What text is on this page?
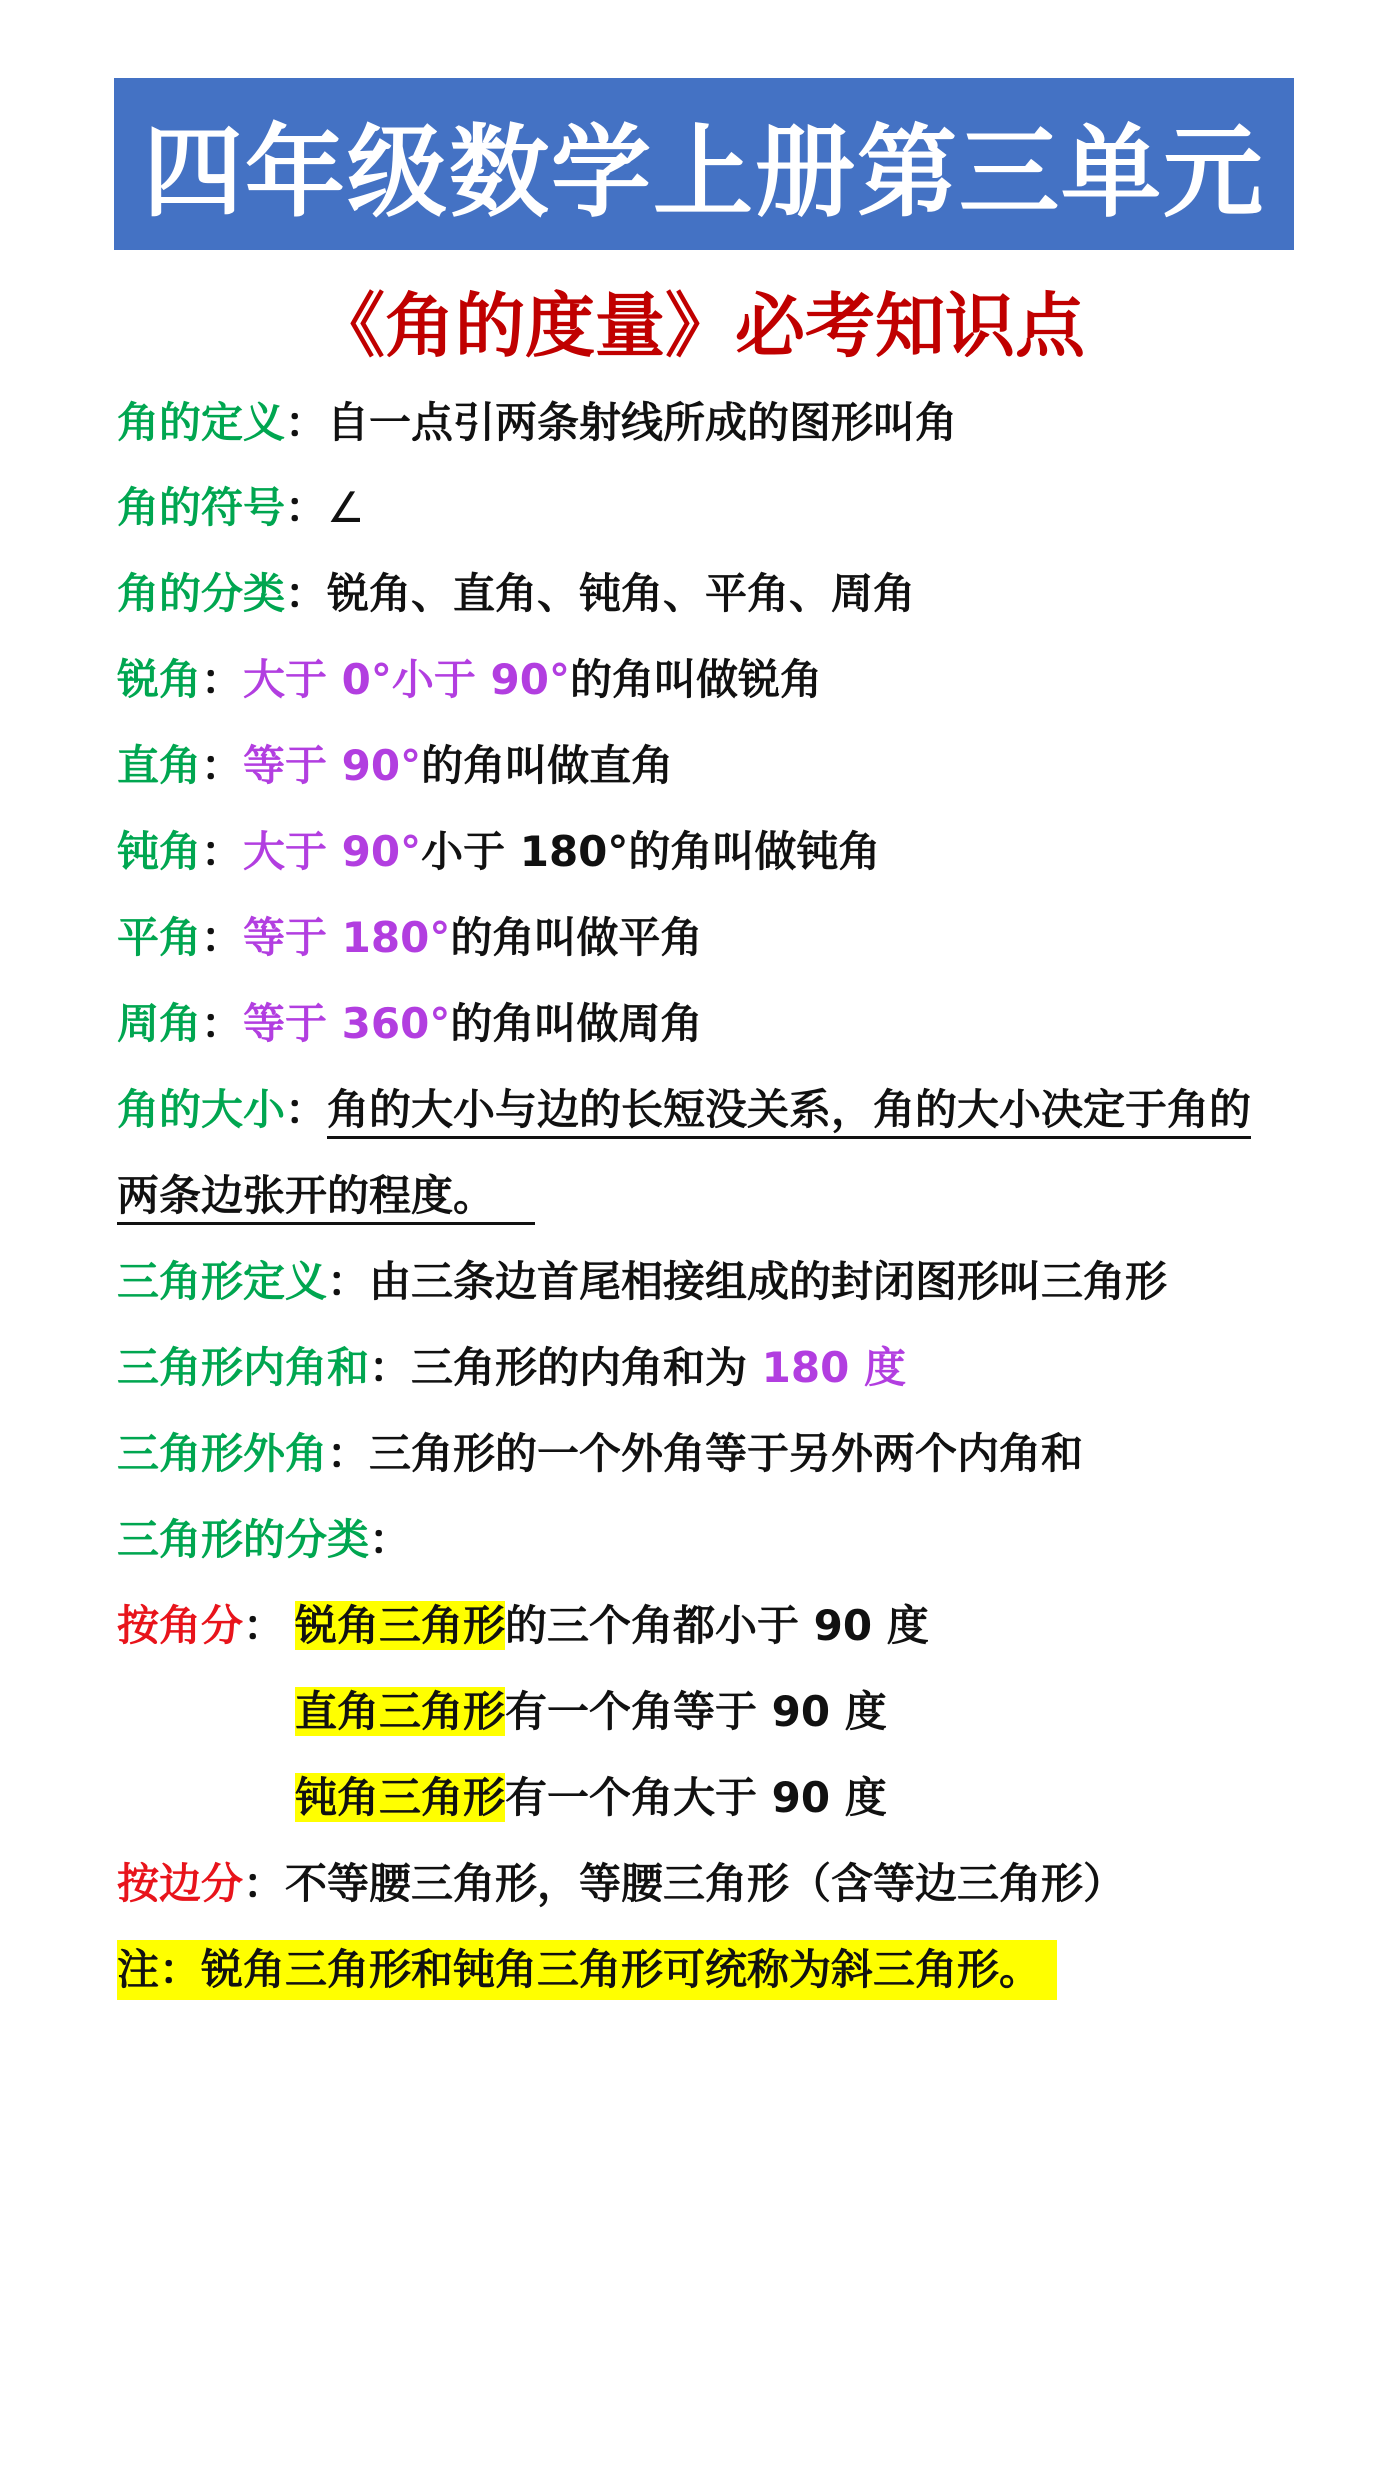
四年级数学上册第三单元
《角的度量》必考知识点
角的定义：自一点引两条射线所成的图形叫角
角的符号：∠
角的分类：锐角、直角、钝角、平角、周角
锐角：大于 0°小于 90°的角叫做锐角
直角：等于 90°的角叫做直角
钝角：大于 90°小于 180°的角叫做钝角
平角：等于 180°的角叫做平角
周角：等于 360°的角叫做周角
角的大小：角的大小与边的长短没关系，角的大小决定于角的
两条边张开的程度。
三角形定义：由三条边首尾相接组成的封闭图形叫三角形
三角形内角和：三角形的内角和为 180 度
三角形外角：三角形的一个外角等于另外两个内角和
三角形的分类：
按角分： 锐角三角形的三个角都小于 90 度
直角三角形有一个角等于 90 度
钝角三角形有一个角大于 90 度
按边分：不等腰三角形，等腰三角形（含等边三角形）
注：锐角三角形和钝角三角形可统称为斜三角形。
